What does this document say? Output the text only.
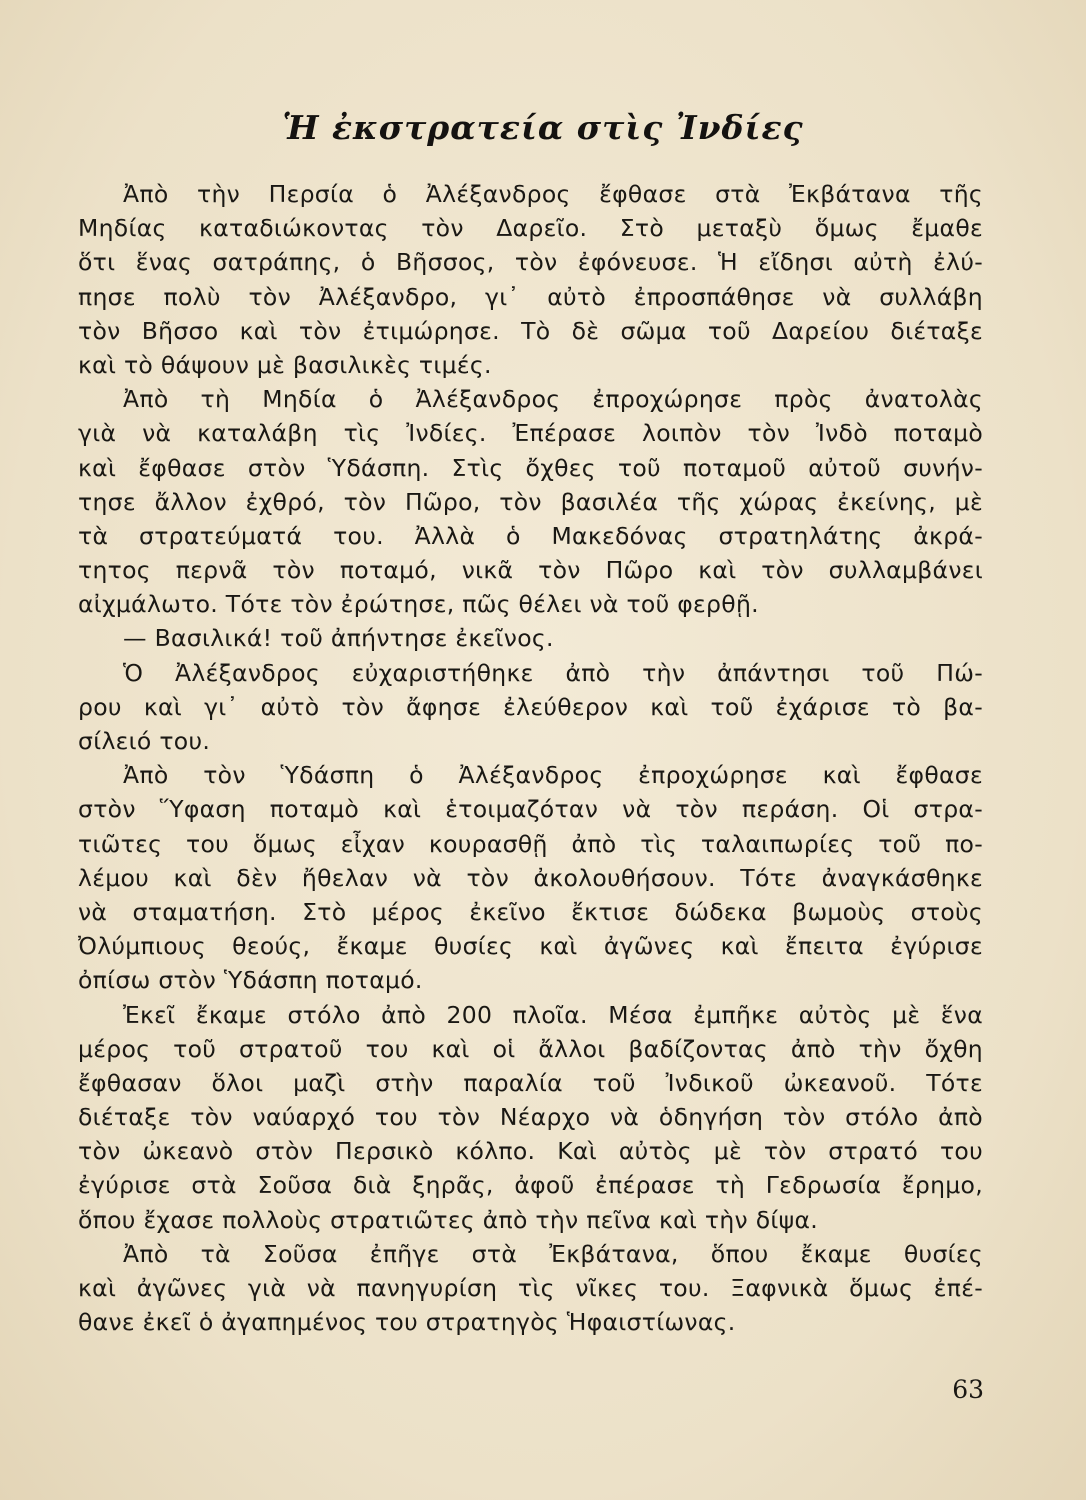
Ἡ ἐκστρατεία στὶς Ἰνδίες
Ἀπὸ τὴν Περσία ὁ Ἀλέξανδρος ἔφθασε στὰ Ἐκβάτανα τῆς
Μηδίας καταδιώκοντας τὸν Δαρεῖο. Στὸ μεταξὺ ὅμως ἔμαθε
ὅτι ἕνας σατράπης, ὁ Βῆσσος, τὸν ἐφόνευσε. Ἡ εἴδησι αὐτὴ ἐλύ-
πησε πολὺ τὸν Ἀλέξανδρο, γι᾽ αὐτὸ ἐπροσπάθησε νὰ συλλάβη
τὸν Βῆσσο καὶ τὸν ἐτιμώρησε. Τὸ δὲ σῶμα τοῦ Δαρείου διέταξε
καὶ τὸ θάψουν μὲ βασιλικὲς τιμές.
Ἀπὸ τὴ Μηδία ὁ Ἀλέξανδρος ἐπροχώρησε πρὸς ἀνατολὰς
γιὰ νὰ καταλάβη τὶς Ἰνδίες. Ἐπέρασε λοιπὸν τὸν Ἰνδὸ ποταμὸ
καὶ ἔφθασε στὸν Ὑδάσπη. Στὶς ὄχθες τοῦ ποταμοῦ αὐτοῦ συνήν-
τησε ἄλλον ἐχθρό, τὸν Πῶρο, τὸν βασιλέα τῆς χώρας ἐκείνης, μὲ
τὰ στρατεύματά του. Ἀλλὰ ὁ Μακεδόνας στρατηλάτης ἀκρά-
τητος περνᾶ τὸν ποταμό, νικᾶ τὸν Πῶρο καὶ τὸν συλλαμβάνει
αἰχμάλωτο. Τότε τὸν ἐρώτησε, πῶς θέλει νὰ τοῦ φερθῇ.
— Βασιλικά! τοῦ ἀπήντησε ἐκεῖνος.
Ὁ Ἀλέξανδρος εὐχαριστήθηκε ἀπὸ τὴν ἀπάντησι τοῦ Πώ-
ρου καὶ γι᾽ αὐτὸ τὸν ἄφησε ἐλεύθερον καὶ τοῦ ἐχάρισε τὸ βα-
σίλειό του.
Ἀπὸ τὸν Ὑδάσπη ὁ Ἀλέξανδρος ἐπροχώρησε καὶ ἔφθασε
στὸν Ὕφαση ποταμὸ καὶ ἑτοιμαζόταν νὰ τὸν περάση. Οἱ στρα-
τιῶτες του ὅμως εἶχαν κουρασθῇ ἀπὸ τὶς ταλαιπωρίες τοῦ πο-
λέμου καὶ δὲν ἤθελαν νὰ τὸν ἀκολουθήσουν. Τότε ἀναγκάσθηκε
νὰ σταματήση. Στὸ μέρος ἐκεῖνο ἔκτισε δώδεκα βωμοὺς στοὺς
Ὀλύμπιους θεούς, ἔκαμε θυσίες καὶ ἀγῶνες καὶ ἔπειτα ἐγύρισε
ὀπίσω στὸν Ὑδάσπη ποταμό.
Ἐκεῖ ἔκαμε στόλο ἀπὸ 200 πλοῖα. Μέσα ἐμπῆκε αὐτὸς μὲ ἕνα
μέρος τοῦ στρατοῦ του καὶ οἱ ἄλλοι βαδίζοντας ἀπὸ τὴν ὄχθη
ἔφθασαν ὅλοι μαζὶ στὴν παραλία τοῦ Ἰνδικοῦ ὠκεανοῦ. Τότε
διέταξε τὸν ναύαρχό του τὸν Νέαρχο νὰ ὁδηγήση τὸν στόλο ἀπὸ
τὸν ὠκεανὸ στὸν Περσικὸ κόλπο. Καὶ αὐτὸς μὲ τὸν στρατό του
ἐγύρισε στὰ Σοῦσα διὰ ξηρᾶς, ἀφοῦ ἐπέρασε τὴ Γεδρωσία ἔρημο,
ὅπου ἔχασε πολλοὺς στρατιῶτες ἀπὸ τὴν πεῖνα καὶ τὴν δίψα.
Ἀπὸ τὰ Σοῦσα ἐπῆγε στὰ Ἐκβάτανα, ὅπου ἔκαμε θυσίες
καὶ ἀγῶνες γιὰ νὰ πανηγυρίση τὶς νῖκες του. Ξαφνικὰ ὅμως ἐπέ-
θανε ἐκεῖ ὁ ἀγαπημένος του στρατηγὸς Ἡφαιστίωνας.
63
